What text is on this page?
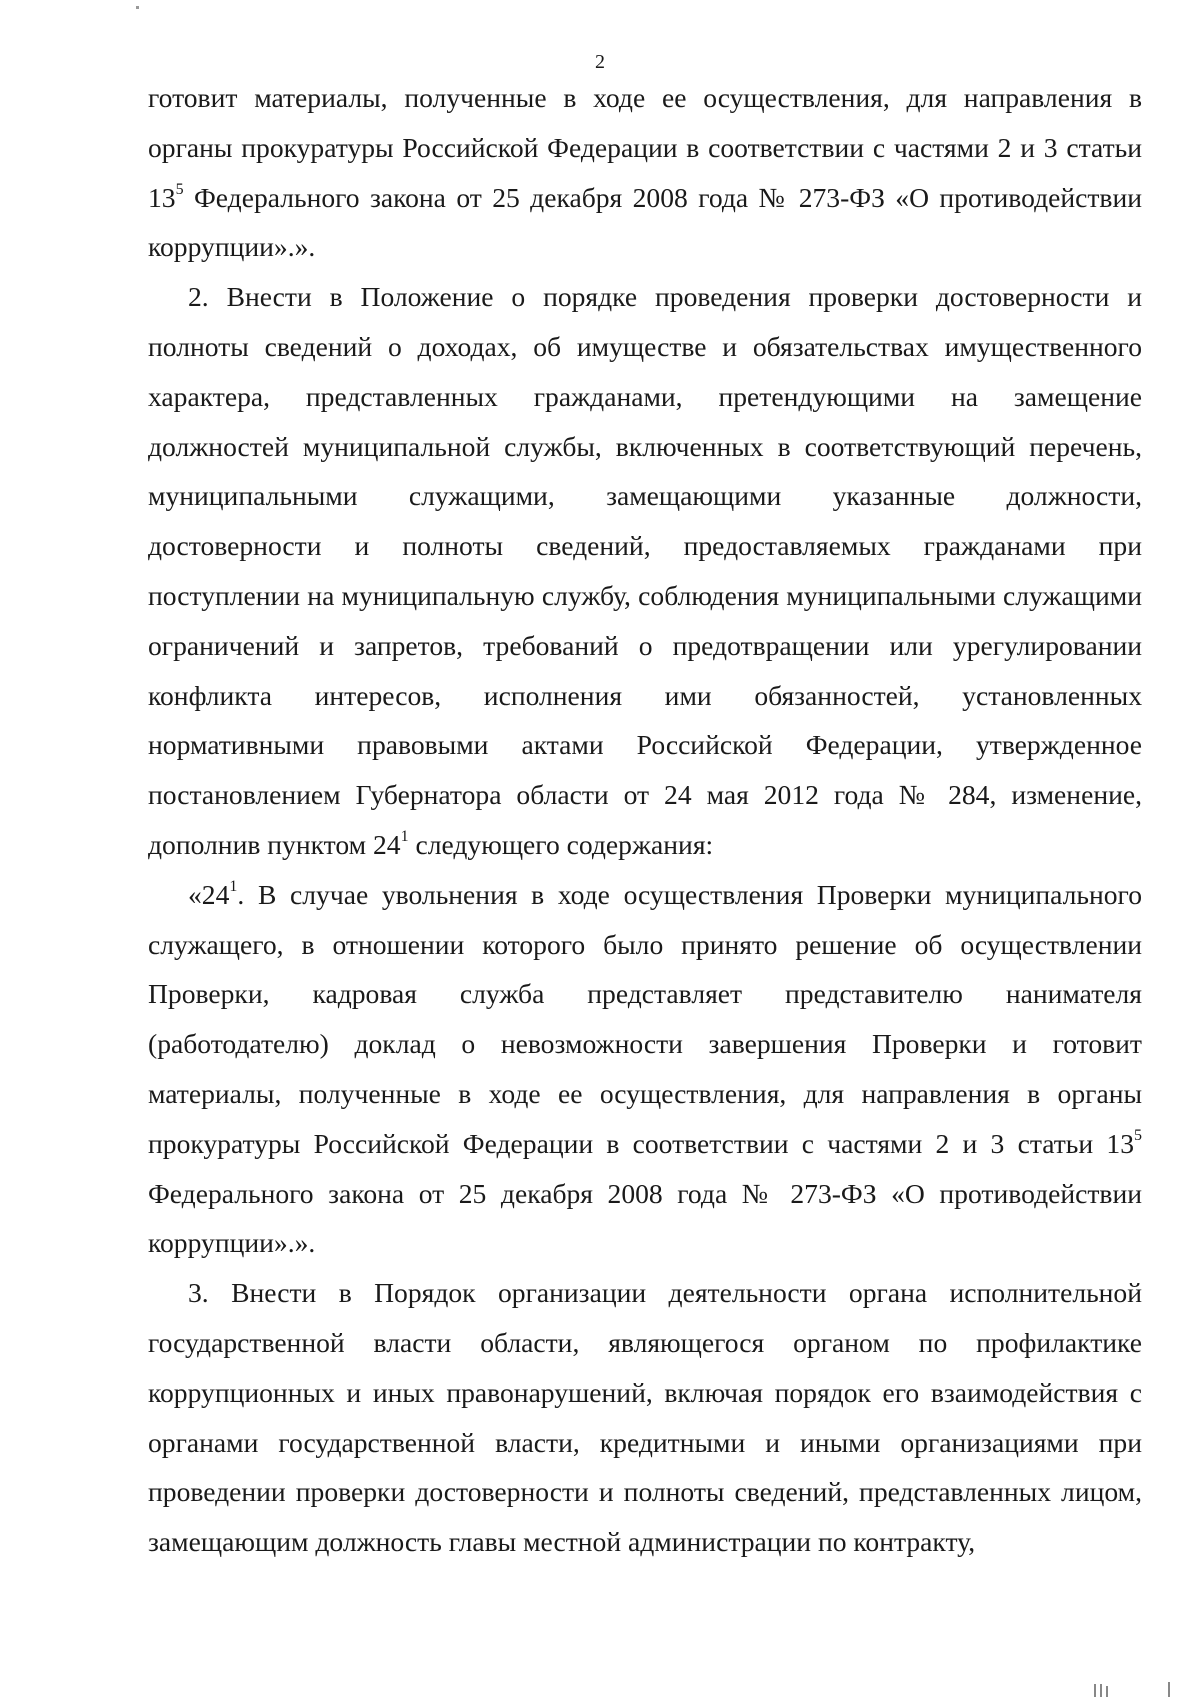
2

готовит материалы, полученные в ходе ее осуществления, для направления в органы прокуратуры Российской Федерации в соответствии с частями 2 и 3 статьи $13^5$ Федерального закона от 25 декабря 2008 года № 273-ФЗ «О противодействии коррупции».».

2. Внести в Положение о порядке проведения проверки достоверности и полноты сведений о доходах, об имуществе и обязательствах имущественного характера, представленных гражданами, претендующими на замещение должностей муниципальной службы, включенных в соответствующий перечень, муниципальными служащими, замещающими указанные должности, достоверности и полноты сведений, предоставляемых гражданами при поступлении на муниципальную службу, соблюдения муниципальными служащими ограничений и запретов, требований о предотвращении или урегулировании конфликта интересов, исполнения ими обязанностей, установленных нормативными правовыми актами Российской Федерации, утвержденное постановлением Губернатора области от 24 мая 2012 года № 284, изменение, дополнив пунктом $24^1$ следующего содержания:

«$24^1$. В случае увольнения в ходе осуществления Проверки муниципального служащего, в отношении которого было принято решение об осуществлении Проверки, кадровая служба представляет представителю нанимателя (работодателю) доклад о невозможности завершения Проверки и готовит материалы, полученные в ходе ее осуществления, для направления в органы прокуратуры Российской Федерации в соответствии с частями 2 и 3 статьи $13^5$ Федерального закона от 25 декабря 2008 года № 273-ФЗ «О противодействии коррупции».».

3. Внести в Порядок организации деятельности органа исполнительной государственной власти области, являющегося органом по профилактике коррупционных и иных правонарушений, включая порядок его взаимодействия с органами государственной власти, кредитными и иными организациями при проведении проверки достоверности и полноты сведений, представленных лицом, замещающим должность главы местной администрации по контракту,
